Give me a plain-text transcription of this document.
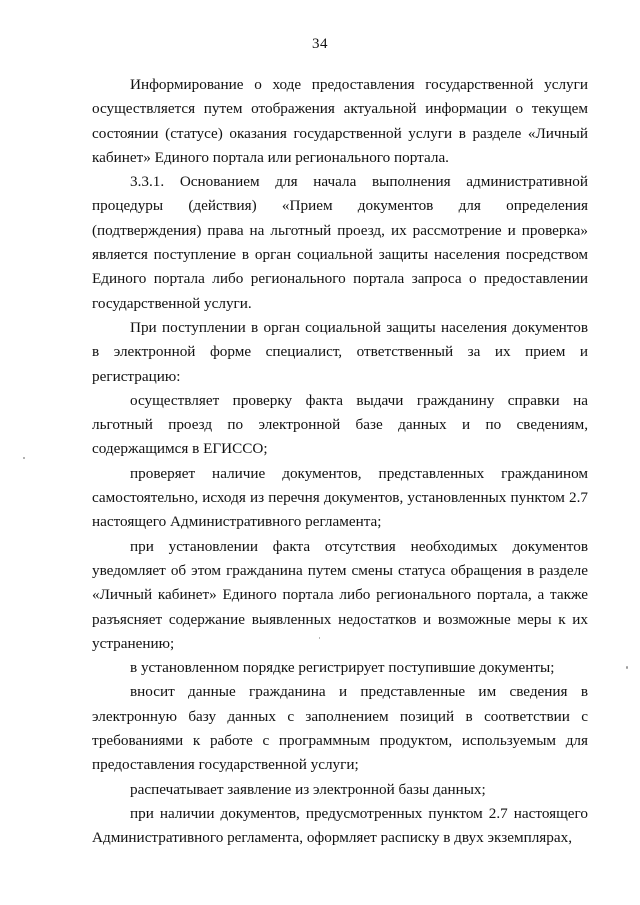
34

Информирование о ходе предоставления государственной услуги осуществляется путем отображения актуальной информации о текущем состоянии (статусе) оказания государственной услуги в разделе «Личный кабинет» Единого портала или регионального портала.

3.3.1. Основанием для начала выполнения административной процедуры (действия) «Прием документов для определения (подтверждения) права на льготный проезд, их рассмотрение и проверка» является поступление в орган социальной защиты населения посредством Единого портала либо регионального портала запроса о предоставлении государственной услуги.

При поступлении в орган социальной защиты населения документов в электронной форме специалист, ответственный за их прием и регистрацию:

осуществляет проверку факта выдачи гражданину справки на льготный проезд по электронной базе данных и по сведениям, содержащимся в ЕГИССО;

проверяет наличие документов, представленных гражданином самостоятельно, исходя из перечня документов, установленных пунктом 2.7 настоящего Административного регламента;

при установлении факта отсутствия необходимых документов уведомляет об этом гражданина путем смены статуса обращения в разделе «Личный кабинет» Единого портала либо регионального портала, а также разъясняет содержание выявленных недостатков и возможные меры к их устранению;

в установленном порядке регистрирует поступившие документы;

вносит данные гражданина и представленные им сведения в электронную базу данных с заполнением позиций в соответствии с требованиями к работе с программным продуктом, используемым для предоставления государственной услуги;

распечатывает заявление из электронной базы данных;

при наличии документов, предусмотренных пунктом 2.7 настоящего Административного регламента, оформляет расписку в двух экземплярах,
